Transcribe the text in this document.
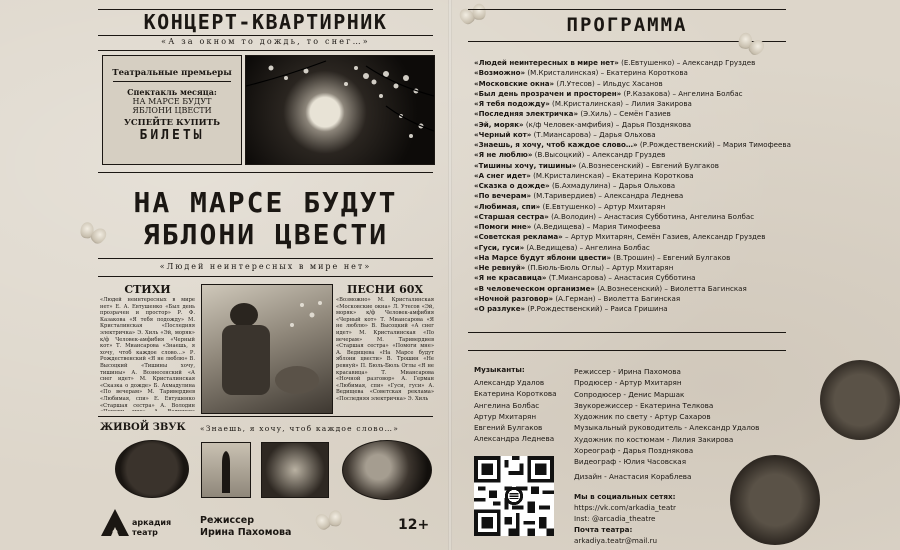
КОНЦЕРТ-КВАРТИРНИК
«А за окном то дождь, то снег…»
Театральные премьеры
Спектакль месяца:
НА МАРСЕ БУДУТ
ЯБЛОНИ ЦВЕСТИ
УСПЕЙТЕ КУПИТЬ
БИЛЕТЫ
НА МАРСЕ БУДУТ
ЯБЛОНИ ЦВЕСТИ
«Людей неинтересных в мире нет»
СТИХИ
«Людей неинтересных в мире нет» Е. А. Евтушенко «Был день прозрачен и простор» Р. Ф. Казакова «Я тебя подожду» М. Кристалинская «Последняя электричка» Э. Хиль «Эй, моряк» к/ф Человек-амфибия «Черный кот» Т. Миансарова «Знаешь, я хочу, чтоб каждое слово…» Р. Рождественский «Я не люблю» В. Высоцкий «Тишины хочу, тишины» А. Вознесенский «А снег идет» М. Кристалинская «Сказка о дожде» Б. Ахмадулина «По вечерам» М. Таривердиев «Любимая, спи» Е. Евтушенко «Старшая сестра» А. Володин
ПЕСНИ 60Х
«Возможно» М. Кристалинская «Московские окна» Л. Утесов «Эй, моряк» к/ф Человек-амфибия «Черный кот» Т. Миансарова «Я не люблю» В. Высоцкий «А снег идет» М. Кристалинская «По вечерам» М. Таривердиев «Старшая сестра» «Помоги мне» А. Ведищева «На Марсе будут яблони цвести» В. Трошин «Не ревнуй» П. Бюль-Бюль Оглы «Я не красавица» Т. Миансарова «Ночной разговор» А. Герман «Любимая, спи» «Гуси, гуси» А. Ведищева «Советская реклама» «Последняя электричка» Э. Хиль
ЖИВОЙ ЗВУК «Знаешь, я хочу, чтоб каждое слово…»
аркадия
театр
Режиссер
Ирина Пахомова	12+
ПРОГРАММА
«Людей неинтересных в мире нет» (Е.Евтушенко) – Александр Груздев
«Возможно» (М.Кристалинская) – Екатерина Короткова
«Московские окна» (Л.Утесов) – Ильдус Хасанов
«Был день прозрачен и просторен» (Р.Казакова) – Ангелина Болбас
«Я тебя подожду» (М.Кристалинская) – Лилия Закирова
«Последняя электричка» (Э.Хиль) – Семён Газиев
«Эй, моряк» (к/ф Человек-амфибия) – Дарья Позднякова
«Черный кот» (Т.Миансарова) – Дарья Ольхова
«Знаешь, я хочу, чтоб каждое слово…» (Р.Рождественский) – Мария Тимофеева
«Я не люблю» (В.Высоцкий) – Александр Груздев
«Тишины хочу, тишины» (А.Вознесенский) – Евгений Булгаков
«А снег идет» (М.Кристалинская) – Екатерина Короткова
«Сказка о дожде» (Б.Ахмадулина) – Дарья Ольхова
«По вечерам» (М.Таривердиев) – Александра Леднева
«Любимая, спи» (Е.Евтушенко) – Артур Мхитарян
«Старшая сестра» (А.Володин) – Анастасия Субботина, Ангелина Болбас
«Помоги мне» (А.Ведищева) – Мария Тимофеева
«Советская реклама» – Артур Мхитарян, Семён Газиев, Александр Груздев
«Гуси, гуси» (А.Ведищева) – Ангелина Болбас
«На Марсе будут яблони цвести» (В.Трошин) – Евгений Булгаков
«Не ревнуй» (П.Бюль-Бюль Оглы) – Артур Мхитарян
«Я не красавица» (Т.Миансарова) – Анастасия Субботина
«В человеческом организме» (А.Вознесенский) – Виолетта Багинская
«Ночной разговор» (А.Герман) – Виолетта Багинская
«О разлуке» (Р.Рождественский) – Раиса Гришина
Музыканты:
Александр Удалов
Екатерина Короткова
Ангелина Болбас
Артур Мхитарян
Евгений Булгаков
Александра Леднева
Режиссер - Ирина Пахомова
Продюсер - Артур Мхитарян
Сопродюсер - Денис Маршак
Звукорежиссер - Екатерина Телкова
Художник по свету - Артур Сахаров
Музыкальный руководитель - Александр Удалов
Художник по костюмам - Лилия Закирова
Хореограф - Дарья Позднякова
Видеограф - Юлия Часовская
Дизайн - Анастасия Кораблева
Мы в социальных сетях:
https://vk.com/arkadia_teatr
Inst: @arcadia_theatre
Почта театра:
arkadiya.teatr@mail.ru
